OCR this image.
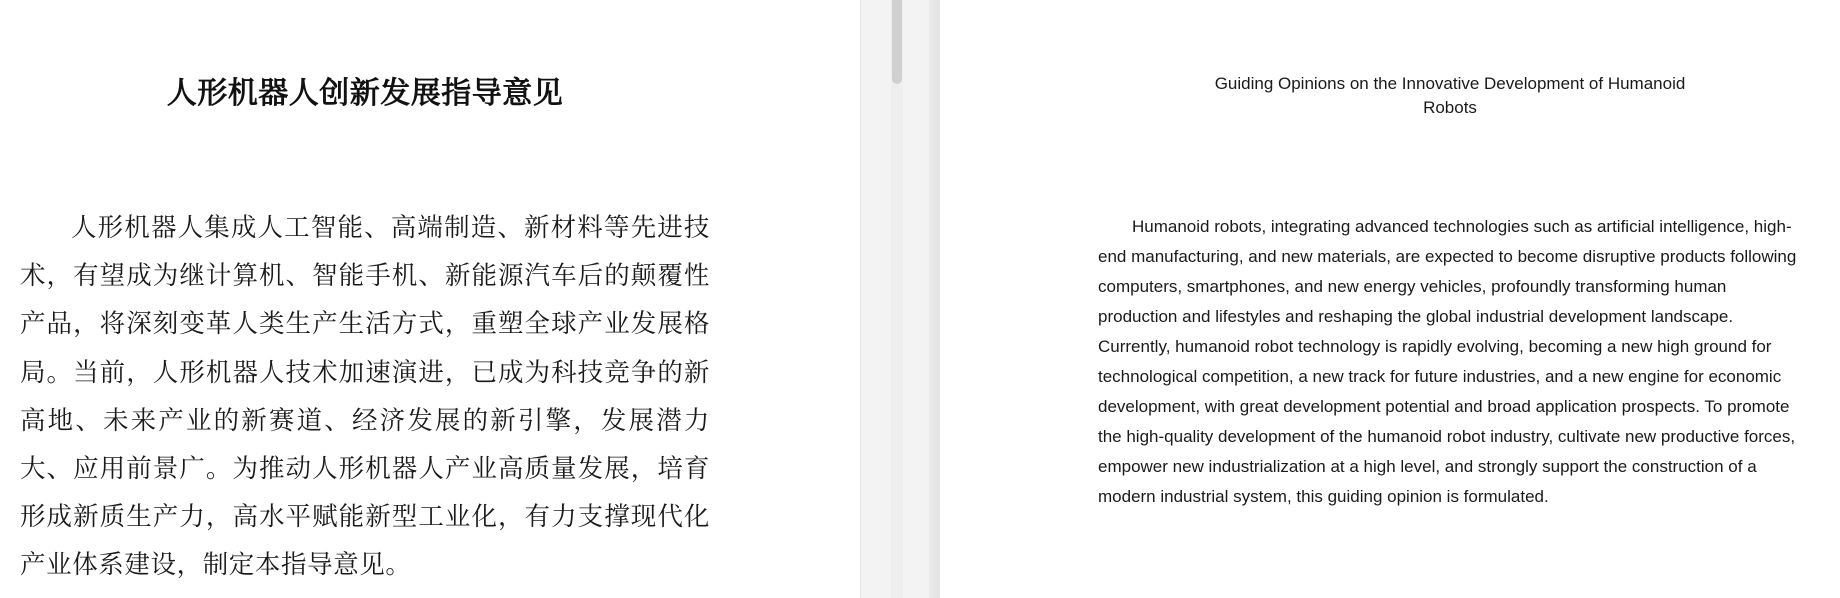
人形机器人创新发展指导意见

人形机器人集成人工智能、高端制造、新材料等先进技术，有望成为继计算机、智能手机、新能源汽车后的颠覆性产品，将深刻变革人类生产生活方式，重塑全球产业发展格局。当前，人形机器人技术加速演进，已成为科技竞争的新高地、未来产业的新赛道、经济发展的新引擎，发展潜力大、应用前景广。为推动人形机器人产业高质量发展，培育形成新质生产力，高水平赋能新型工业化，有力支撑现代化产业体系建设，制定本指导意见。

Guiding Opinions on the Innovative Development of Humanoid Robots

Humanoid robots, integrating advanced technologies such as artificial intelligence, high-end manufacturing, and new materials, are expected to become disruptive products following computers, smartphones, and new energy vehicles, profoundly transforming human production and lifestyles and reshaping the global industrial development landscape. Currently, humanoid robot technology is rapidly evolving, becoming a new high ground for technological competition, a new track for future industries, and a new engine for economic development, with great development potential and broad application prospects. To promote the high-quality development of the humanoid robot industry, cultivate new productive forces, empower new industrialization at a high level, and strongly support the construction of a modern industrial system, this guiding opinion is formulated.
